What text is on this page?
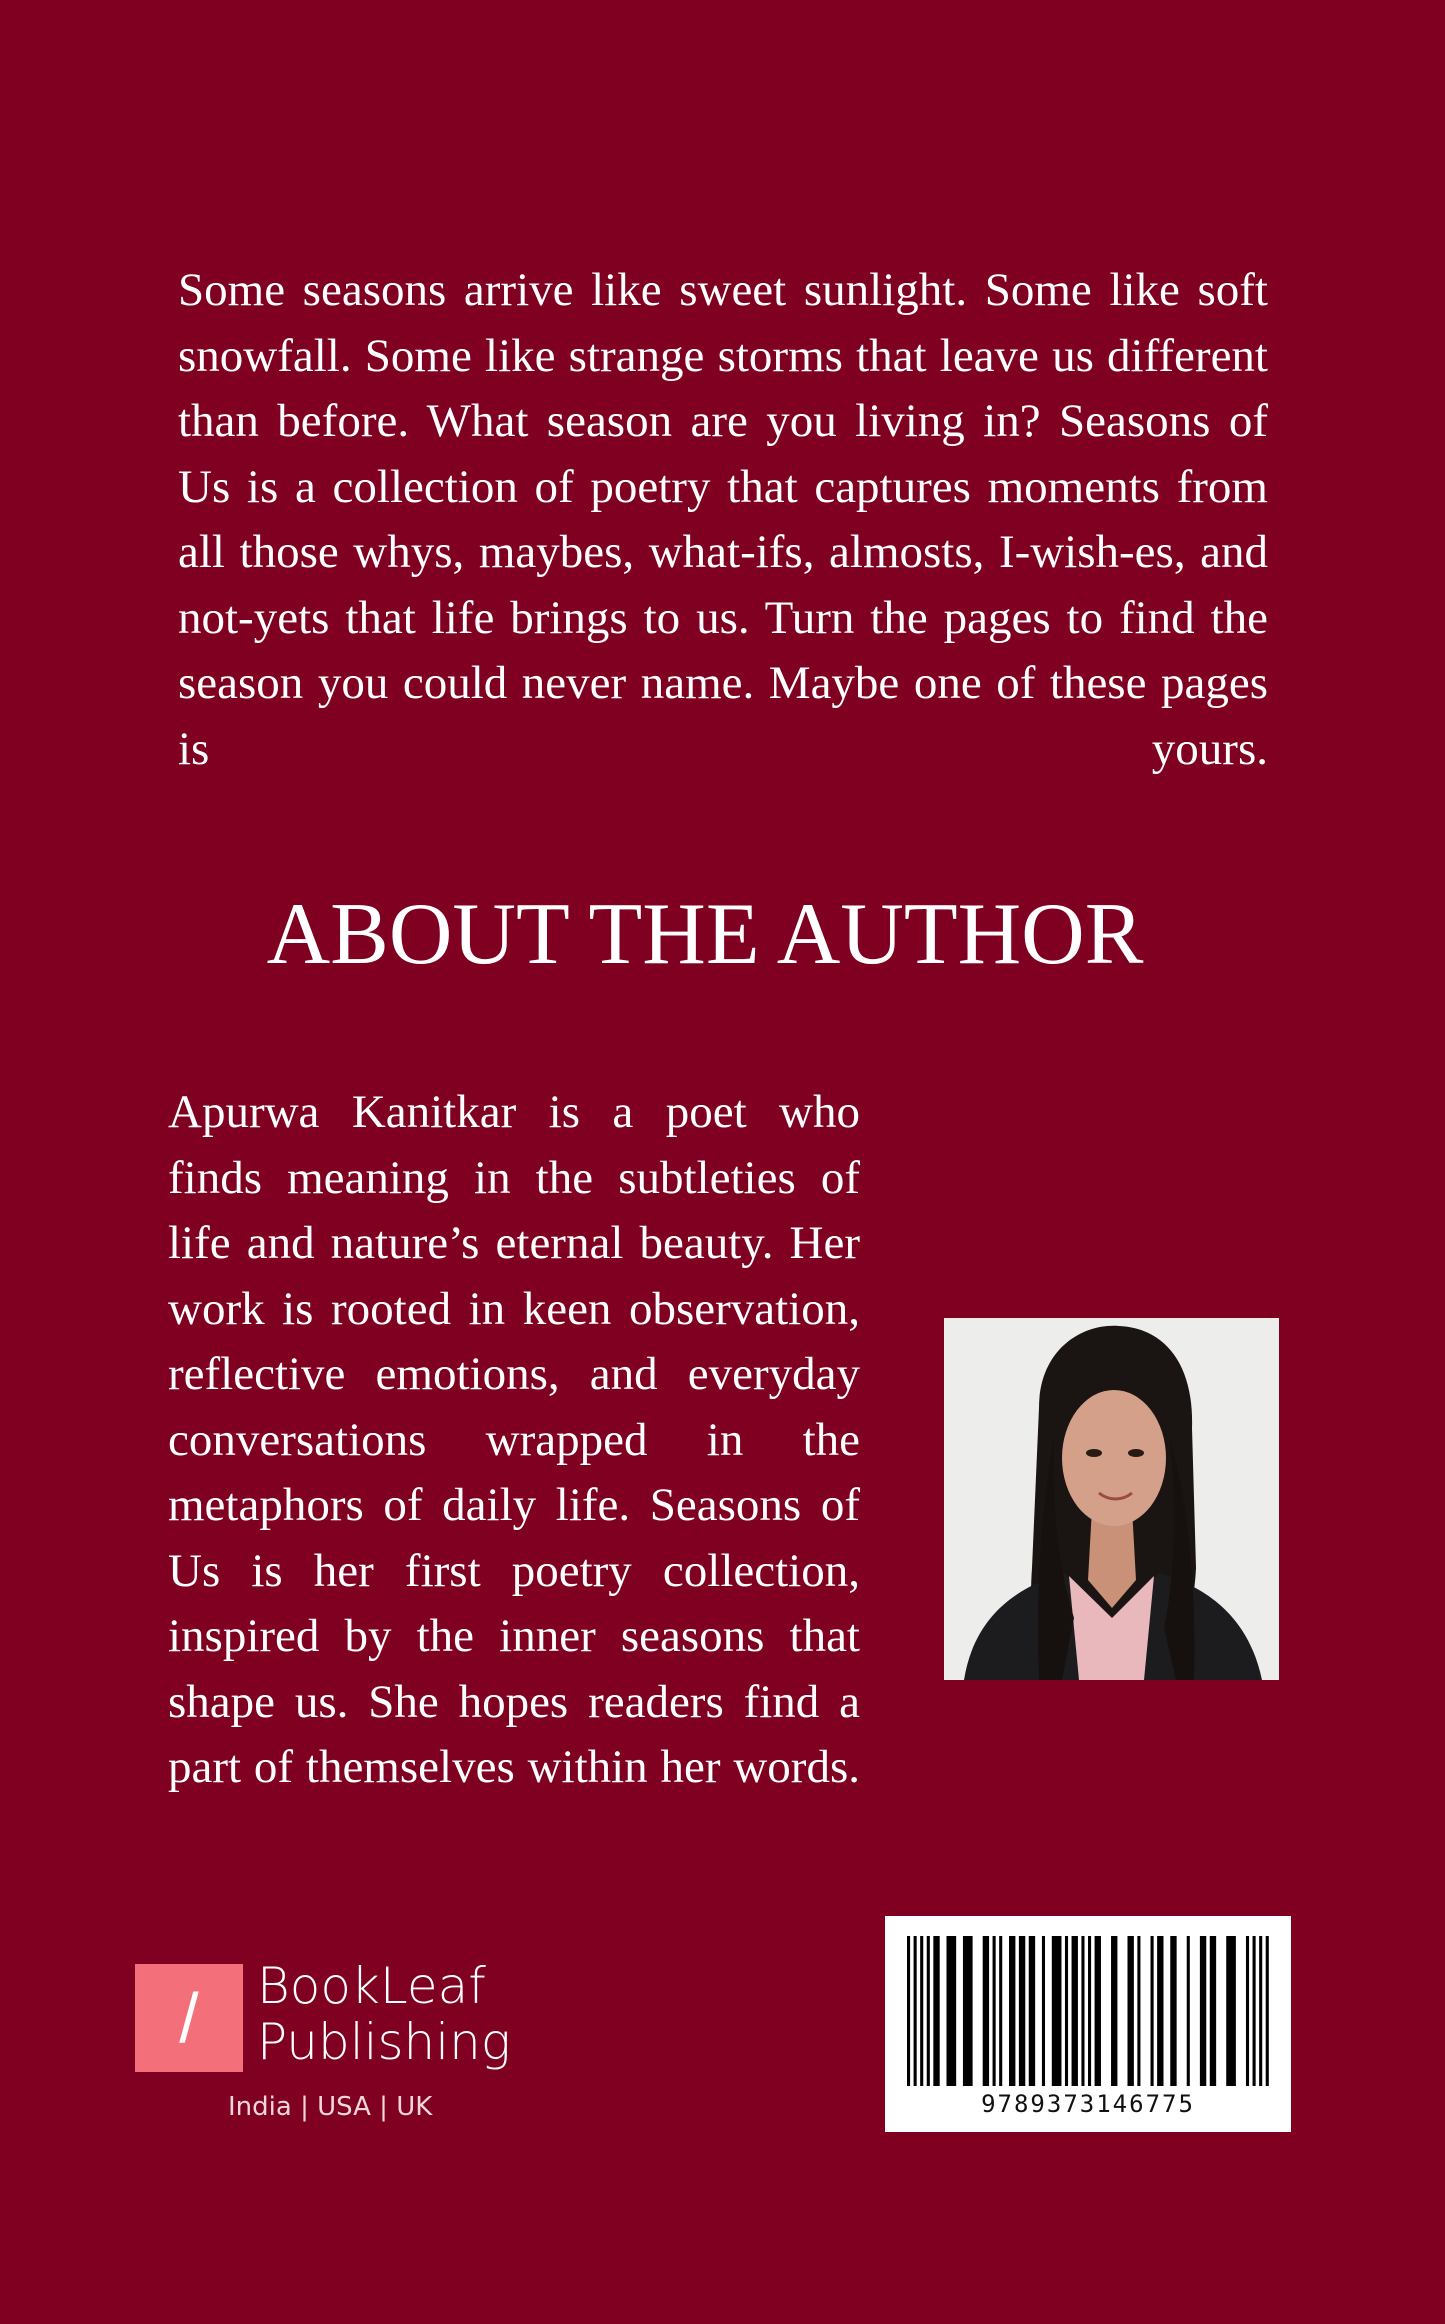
Some seasons arrive like sweet sunlight. Some like soft snowfall. Some like strange storms that leave us different than before. What season are you living in? Seasons of Us is a collection of poetry that captures moments from all those whys, maybes, what-ifs, almosts, I-wish-es, and not-yets that life brings to us. Turn the pages to find the season you could never name. Maybe one of these pages is yours.

ABOUT THE AUTHOR

Apurwa Kanitkar is a poet who finds meaning in the subtleties of life and nature’s eternal beauty. Her work is rooted in keen observation, reflective emotions, and everyday conversations wrapped in the metaphors of daily life. Seasons of Us is her first poetry collection, inspired by the inner seasons that shape us. She hopes readers find a part of themselves within her words.

/	BookLeaf
Publishing
India | USA | UK	9789373146775
